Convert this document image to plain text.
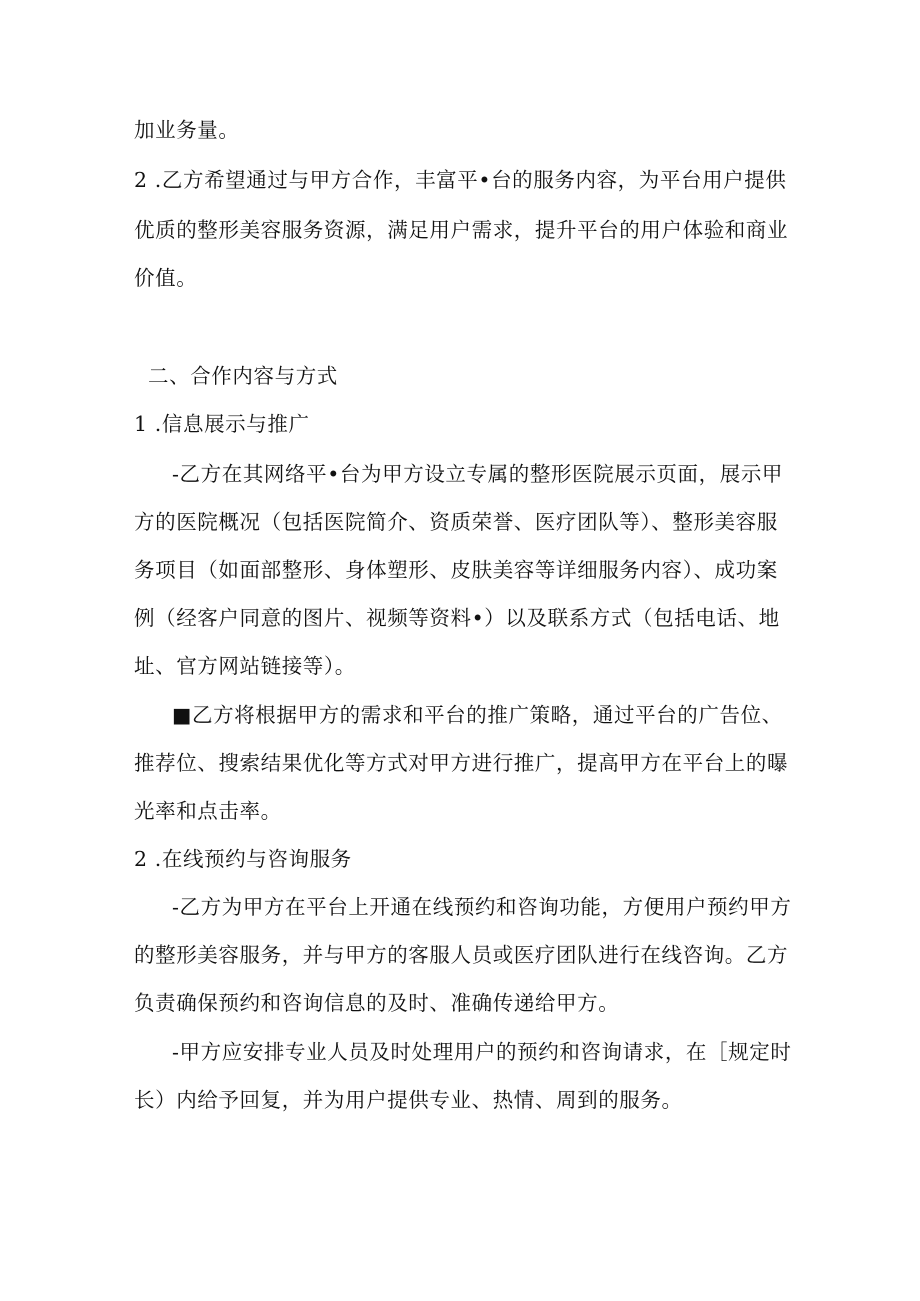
加业务量。
2 .乙方希望通过与甲方合作，丰富平•台的服务内容，为平台用户提供
优质的整形美容服务资源，满足用户需求，提升平台的用户体验和商业
价值。
二、合作内容与方式
1 .信息展示与推广
-乙方在其网络平•台为甲方设立专属的整形医院展示页面，展示甲
方的医院概况（包括医院简介、资质荣誉、医疗团队等）、整形美容服
务项目（如面部整形、身体塑形、皮肤美容等详细服务内容）、成功案
例（经客户同意的图片、视频等资料•）以及联系方式（包括电话、地
址、官方网站链接等）。
■乙方将根据甲方的需求和平台的推广策略，通过平台的广告位、
推荐位、搜索结果优化等方式对甲方进行推广，提高甲方在平台上的曝
光率和点击率。
2 .在线预约与咨询服务
-乙方为甲方在平台上开通在线预约和咨询功能，方便用户预约甲方
的整形美容服务，并与甲方的客服人员或医疗团队进行在线咨询。乙方
负责确保预约和咨询信息的及时、准确传递给甲方。
-甲方应安排专业人员及时处理用户的预约和咨询请求，在［规定时
长）内给予回复，并为用户提供专业、热情、周到的服务。
